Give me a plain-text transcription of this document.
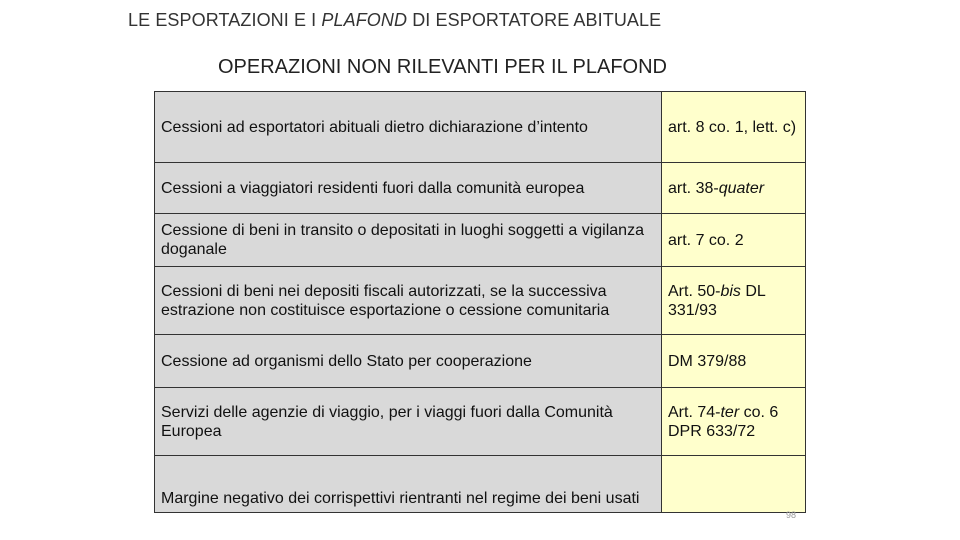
LE ESPORTAZIONI E I PLAFOND DI ESPORTATORE ABITUALE
OPERAZIONI NON RILEVANTI PER IL PLAFOND
Cessioni ad esportatori abituali dietro dichiarazione d’intento	art. 8 co. 1, lett. c)
Cessioni a viaggiatori residenti fuori dalla comunità europea	art. 38-quater
Cessione di beni in transito o depositati in luoghi soggetti a vigilanza doganale	art. 7 co. 2
Cessioni di beni nei depositi fiscali autorizzati, se la successiva estrazione non costituisce esportazione o cessione comunitaria	Art. 50-bis DL 331/93
Cessione ad organismi dello Stato per cooperazione	DM 379/88
Servizi delle agenzie di viaggio, per i viaggi fuori dalla Comunità Europea	Art. 74-ter co. 6 DPR 633/72
Margine negativo dei corrispettivi rientranti nel regime dei beni usati	
98
